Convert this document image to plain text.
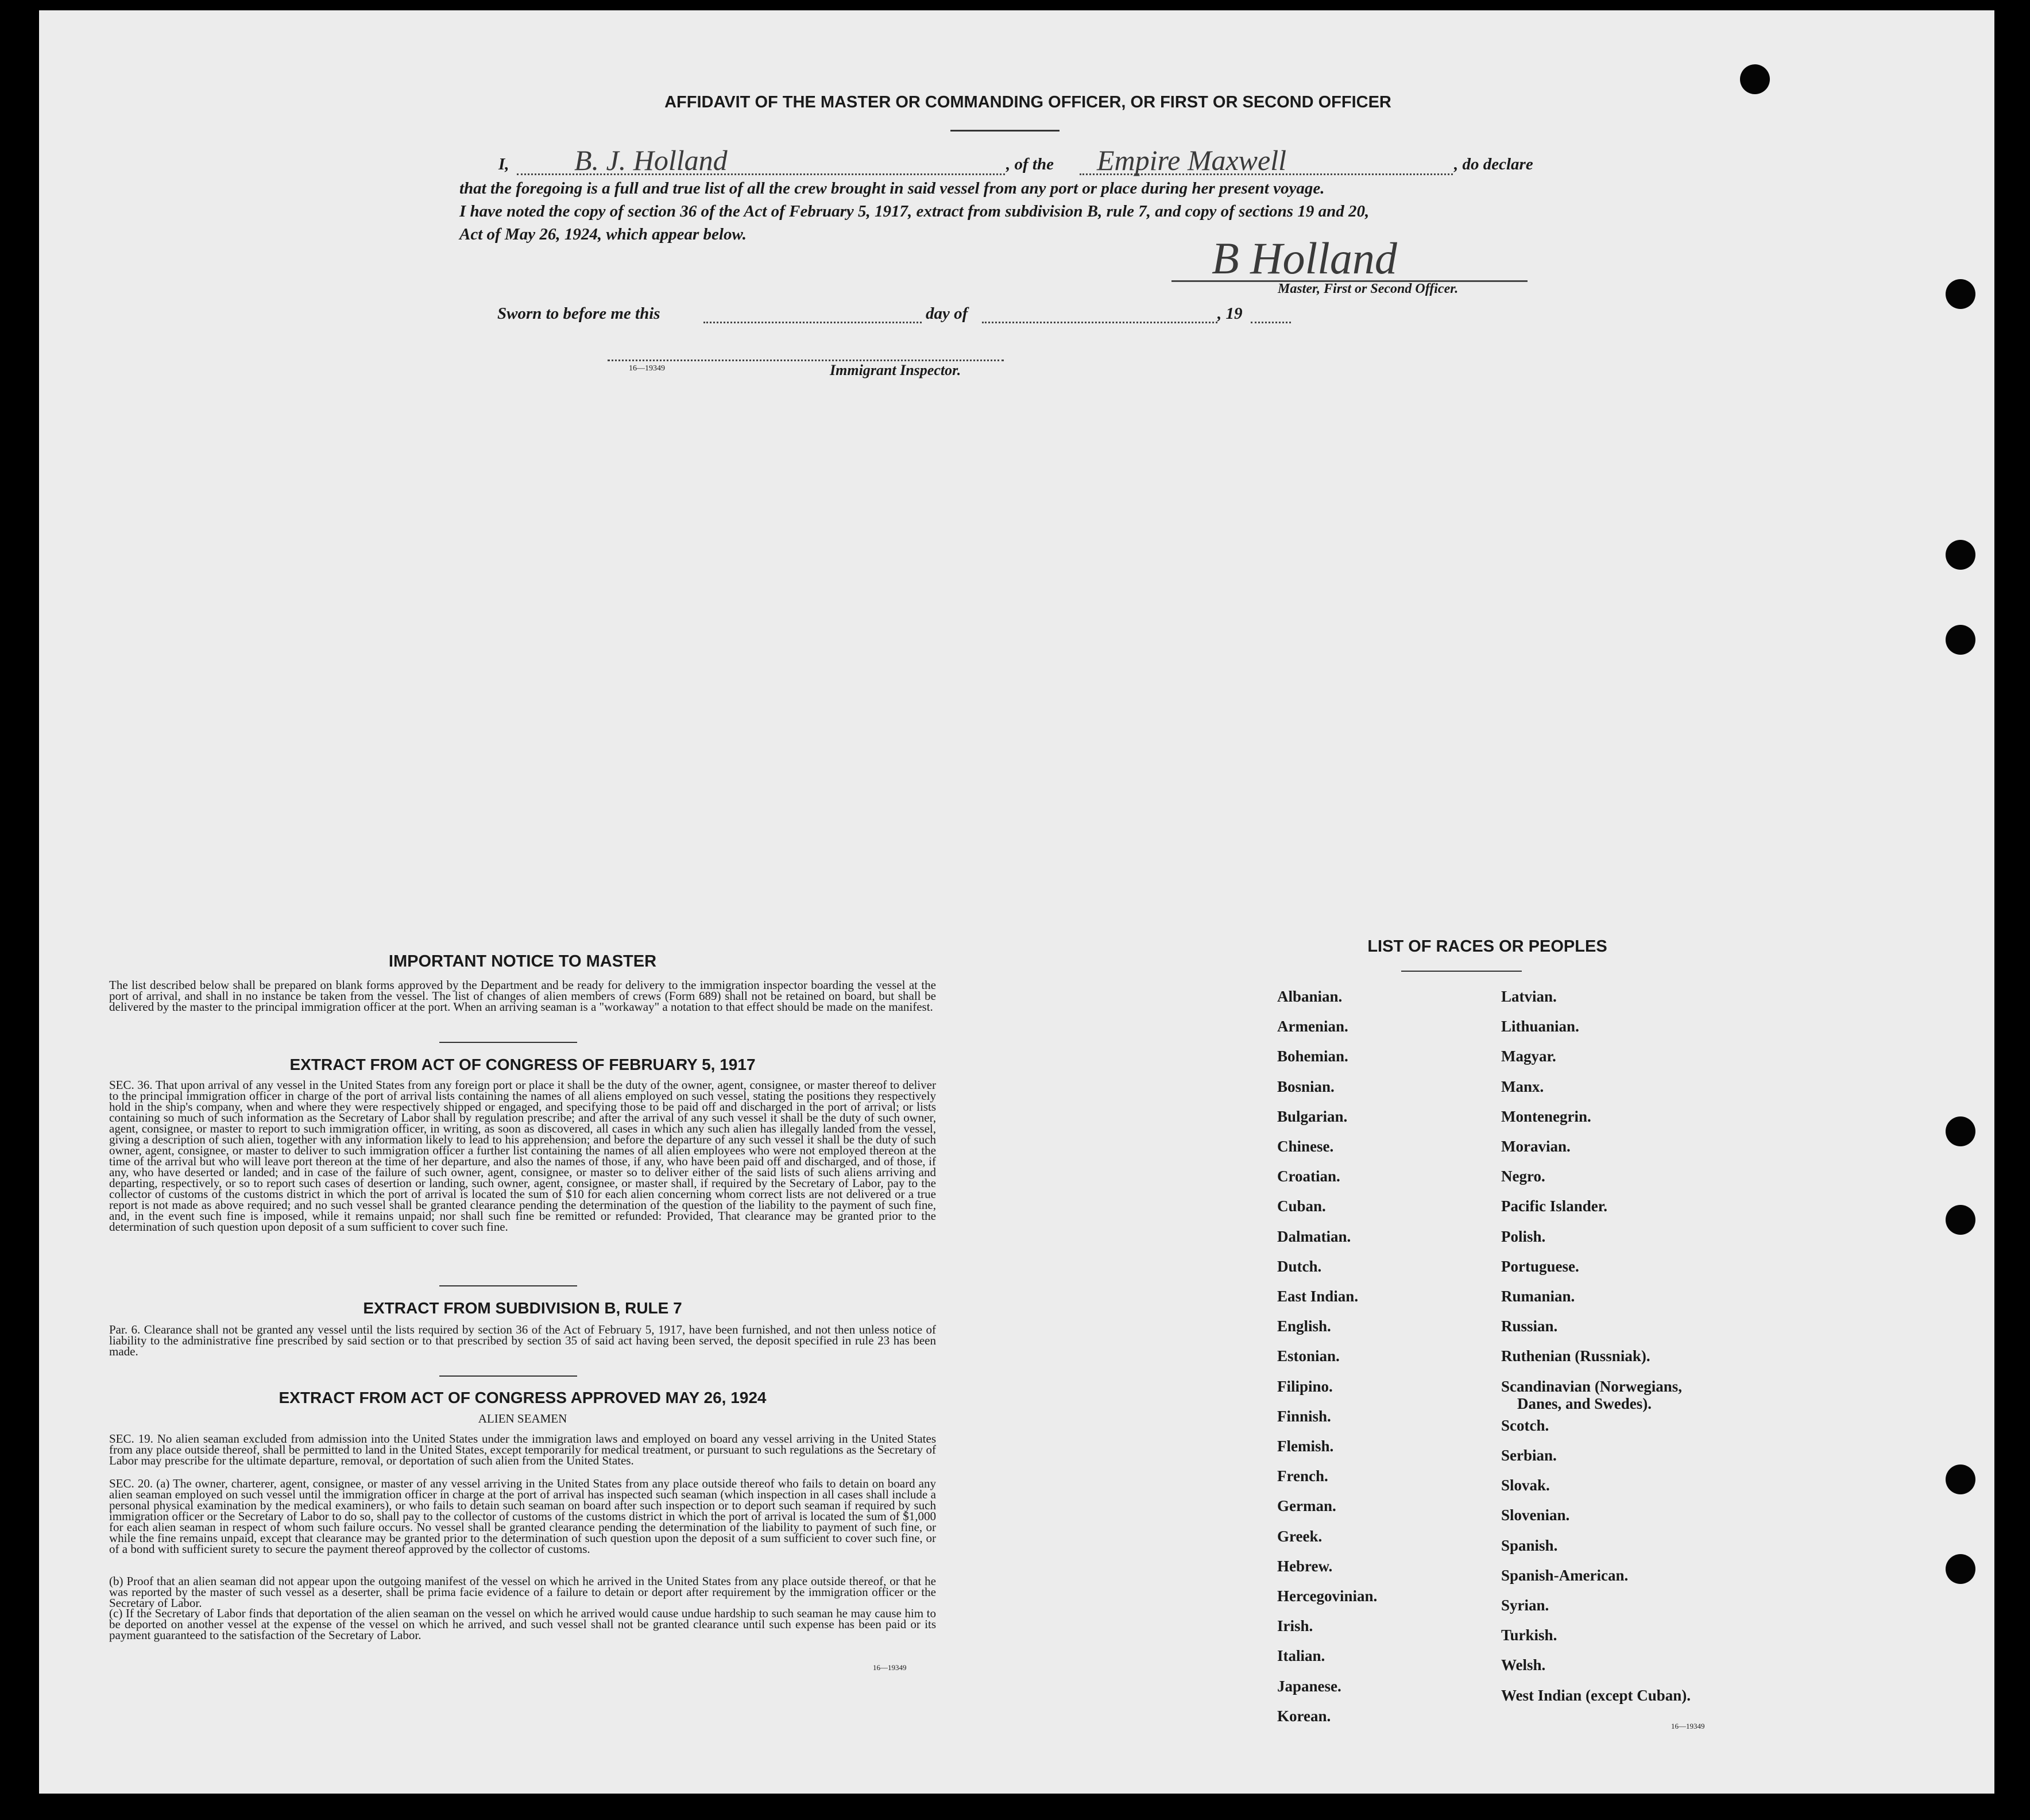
AFFIDAVIT OF THE MASTER OR COMMANDING OFFICER, OR FIRST OR SECOND OFFICER
I, B. J. Holland	, of the Empire Maxwell	, do declare
that the foregoing is a full and true list of all the crew brought in said vessel from any port or place during her present voyage.
I have noted the copy of section 36 of the Act of February 5, 1917, extract from subdivision B, rule 7, and copy of sections 19 and 20,
Act of May 26, 1924, which appear below.	B Holland
Master, First or Second Officer.
Sworn to before me this	day of	, 19
16—19349	Immigrant Inspector.
IMPORTANT NOTICE TO MASTER
The list described below shall be prepared on blank forms approved by the Department and be ready for delivery to the immigration inspector boarding the vessel at the port of arrival, and shall in no instance be taken from the vessel. The list of changes of alien members of crews (Form 689) shall not be retained on board, but shall be delivered by the master to the principal immigration officer at the port. When an arriving seaman is a "workaway" a notation to that effect should be made on the manifest.
EXTRACT FROM ACT OF CONGRESS OF FEBRUARY 5, 1917
SEC. 36. That upon arrival of any vessel in the United States from any foreign port or place it shall be the duty of the owner, agent, consignee, or master thereof to deliver to the principal immigration officer in charge of the port of arrival lists containing the names of all aliens employed on such vessel, stating the positions they respectively hold in the ship's company, when and where they were respectively shipped or engaged, and specifying those to be paid off and discharged in the port of arrival; or lists containing so much of such information as the Secretary of Labor shall by regulation prescribe; and after the arrival of any such vessel it shall be the duty of such owner, agent, consignee, or master to report to such immigration officer, in writing, as soon as discovered, all cases in which any such alien has illegally landed from the vessel, giving a description of such alien, together with any information likely to lead to his apprehension; and before the departure of any such vessel it shall be the duty of such owner, agent, consignee, or master to deliver to such immigration officer a further list containing the names of all alien employees who were not employed thereon at the time of the arrival but who will leave port thereon at the time of her departure, and also the names of those, if any, who have been paid off and discharged, and of those, if any, who have deserted or landed; and in case of the failure of such owner, agent, consignee, or master so to deliver either of the said lists of such aliens arriving and departing, respectively, or so to report such cases of desertion or landing, such owner, agent, consignee, or master shall, if required by the Secretary of Labor, pay to the collector of customs of the customs district in which the port of arrival is located the sum of $10 for each alien concerning whom correct lists are not delivered or a true report is not made as above required; and no such vessel shall be granted clearance pending the determination of the question of the liability to the payment of such fine, and, in the event such fine is imposed, while it remains unpaid; nor shall such fine be remitted or refunded: Provided, That clearance may be granted prior to the determination of such question upon deposit of a sum sufficient to cover such fine.
EXTRACT FROM SUBDIVISION B, RULE 7
Par. 6. Clearance shall not be granted any vessel until the lists required by section 36 of the Act of February 5, 1917, have been furnished, and not then unless notice of liability to the administrative fine prescribed by said section or to that prescribed by section 35 of said act having been served, the deposit specified in rule 23 has been made.
EXTRACT FROM ACT OF CONGRESS APPROVED MAY 26, 1924
ALIEN SEAMEN
SEC. 19. No alien seaman excluded from admission into the United States under the immigration laws and employed on board any vessel arriving in the United States from any place outside thereof, shall be permitted to land in the United States, except temporarily for medical treatment, or pursuant to such regulations as the Secretary of Labor may prescribe for the ultimate departure, removal, or deportation of such alien from the United States.
SEC. 20. (a) The owner, charterer, agent, consignee, or master of any vessel arriving in the United States from any place outside thereof who fails to detain on board any alien seaman employed on such vessel until the immigration officer in charge at the port of arrival has inspected such seaman (which inspection in all cases shall include a personal physical examination by the medical examiners), or who fails to detain such seaman on board after such inspection or to deport such seaman if required by such immigration officer or the Secretary of Labor to do so, shall pay to the collector of customs of the customs district in which the port of arrival is located the sum of $1,000 for each alien seaman in respect of whom such failure occurs. No vessel shall be granted clearance pending the determination of the liability to payment of such fine, or while the fine remains unpaid, except that clearance may be granted prior to the determination of such question upon the deposit of a sum sufficient to cover such fine, or of a bond with sufficient surety to secure the payment thereof approved by the collector of customs.
(b) Proof that an alien seaman did not appear upon the outgoing manifest of the vessel on which he arrived in the United States from any place outside thereof, or that he was reported by the master of such vessel as a deserter, shall be prima facie evidence of a failure to detain or deport after requirement by the immigration officer or the Secretary of Labor.
(c) If the Secretary of Labor finds that deportation of the alien seaman on the vessel on which he arrived would cause undue hardship to such seaman he may cause him to be deported on another vessel at the expense of the vessel on which he arrived, and such vessel shall not be granted clearance until such expense has been paid or its payment guaranteed to the satisfaction of the Secretary of Labor.
16—19349
LIST OF RACES OR PEOPLES
Albanian.
Armenian.
Bohemian.
Bosnian.
Bulgarian.
Chinese.
Croatian.
Cuban.
Dalmatian.
Dutch.
East Indian.
English.
Estonian.
Filipino.
Finnish.
Flemish.
French.
German.
Greek.
Hebrew.
Hercegovinian.
Irish.
Italian.
Japanese.
Korean.
Latvian.
Lithuanian.
Magyar.
Manx.
Montenegrin.
Moravian.
Negro.
Pacific Islander.
Polish.
Portuguese.
Rumanian.
Russian.
Ruthenian (Russniak).
Scandinavian (Norwegians,
Danes, and Swedes).
Scotch.
Serbian.
Slovak.
Slovenian.
Spanish.
Spanish-American.
Syrian.
Turkish.
Welsh.
West Indian (except Cuban).
16—19349
